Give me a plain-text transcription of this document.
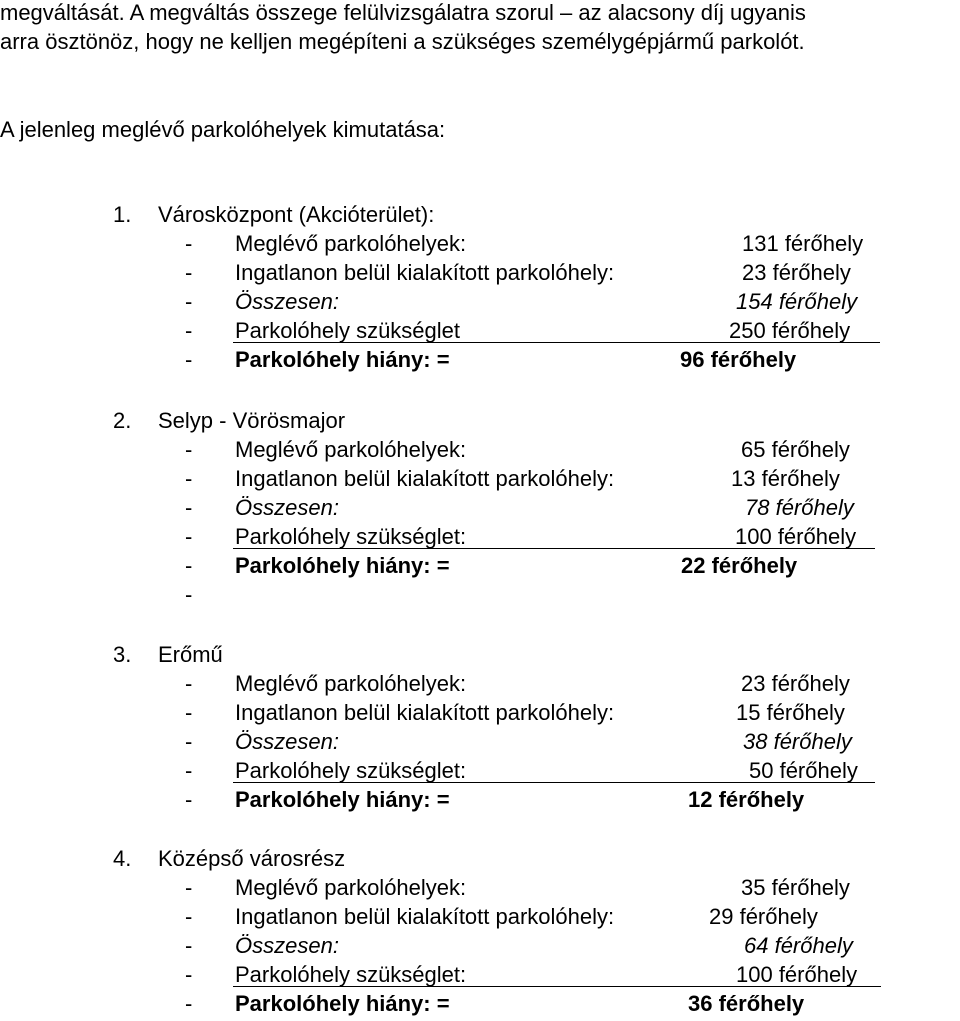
megváltását. A megváltás összege felülvizsgálatra szorul – az alacsony díj ugyanis
arra ösztönöz, hogy ne kelljen megépíteni a szükséges személygépjármű parkolót.
A jelenleg meglévő parkolóhelyek kimutatása:
1. Városközpont (Akcióterület):
- Meglévő parkolóhelyek:	131 férőhely
- Ingatlanon belül kialakított parkolóhely:	23 férőhely
- Összesen:	154 férőhely
- Parkolóhely szükséglet	250 férőhely
- Parkolóhely hiány: =	96 férőhely
2. Selyp - Vörösmajor
- Meglévő parkolóhelyek:	65 férőhely
- Ingatlanon belül kialakított parkolóhely:	13 férőhely
- Összesen:	78 férőhely
- Parkolóhely szükséglet:	100 férőhely
- Parkolóhely hiány: =	22 férőhely
-
3. Erőmű
- Meglévő parkolóhelyek:	23 férőhely
- Ingatlanon belül kialakított parkolóhely:	15 férőhely
- Összesen:	38 férőhely
- Parkolóhely szükséglet:	50 férőhely
- Parkolóhely hiány: =	12 férőhely
4. Középső városrész
- Meglévő parkolóhelyek:	35 férőhely
- Ingatlanon belül kialakított parkolóhely:	29 férőhely
- Összesen:	64 férőhely
- Parkolóhely szükséglet:	100 férőhely
- Parkolóhely hiány: =	36 férőhely
